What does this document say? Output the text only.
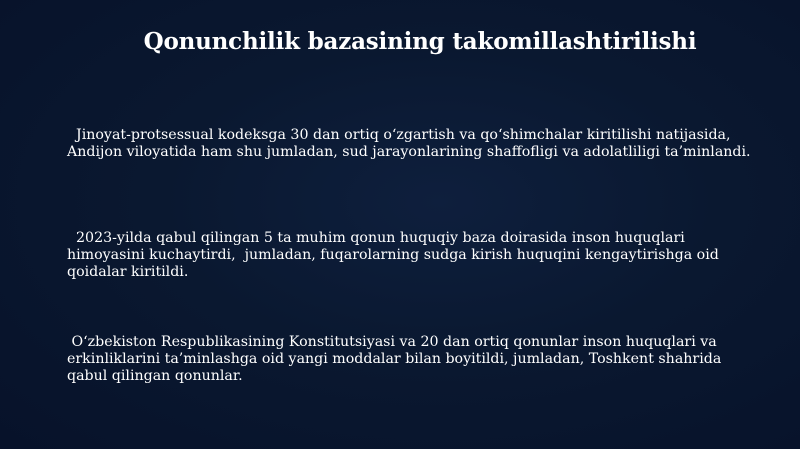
Qonunchilik bazasining takomillashtirilishi

Jinoyat-protsessual kodeksga 30 dan ortiq o‘zgartish va qo‘shimchalar kiritilishi natijasida, Andijon viloyatida ham shu jumladan, sud jarayonlarining shaffofligi va adolatliligi ta’minlandi.

2023-yilda qabul qilingan 5 ta muhim qonun huquqiy baza doirasida inson huquqlari himoyasini kuchaytirdi,  jumladan, fuqarolarning sudga kirish huquqini kengaytirishga oid qoidalar kiritildi.

O‘zbekiston Respublikasining Konstitutsiyasi va 20 dan ortiq qonunlar inson huquqlari va erkinliklarini ta’minlashga oid yangi moddalar bilan boyitildi, jumladan, Toshkent shahrida qabul qilingan qonunlar.
